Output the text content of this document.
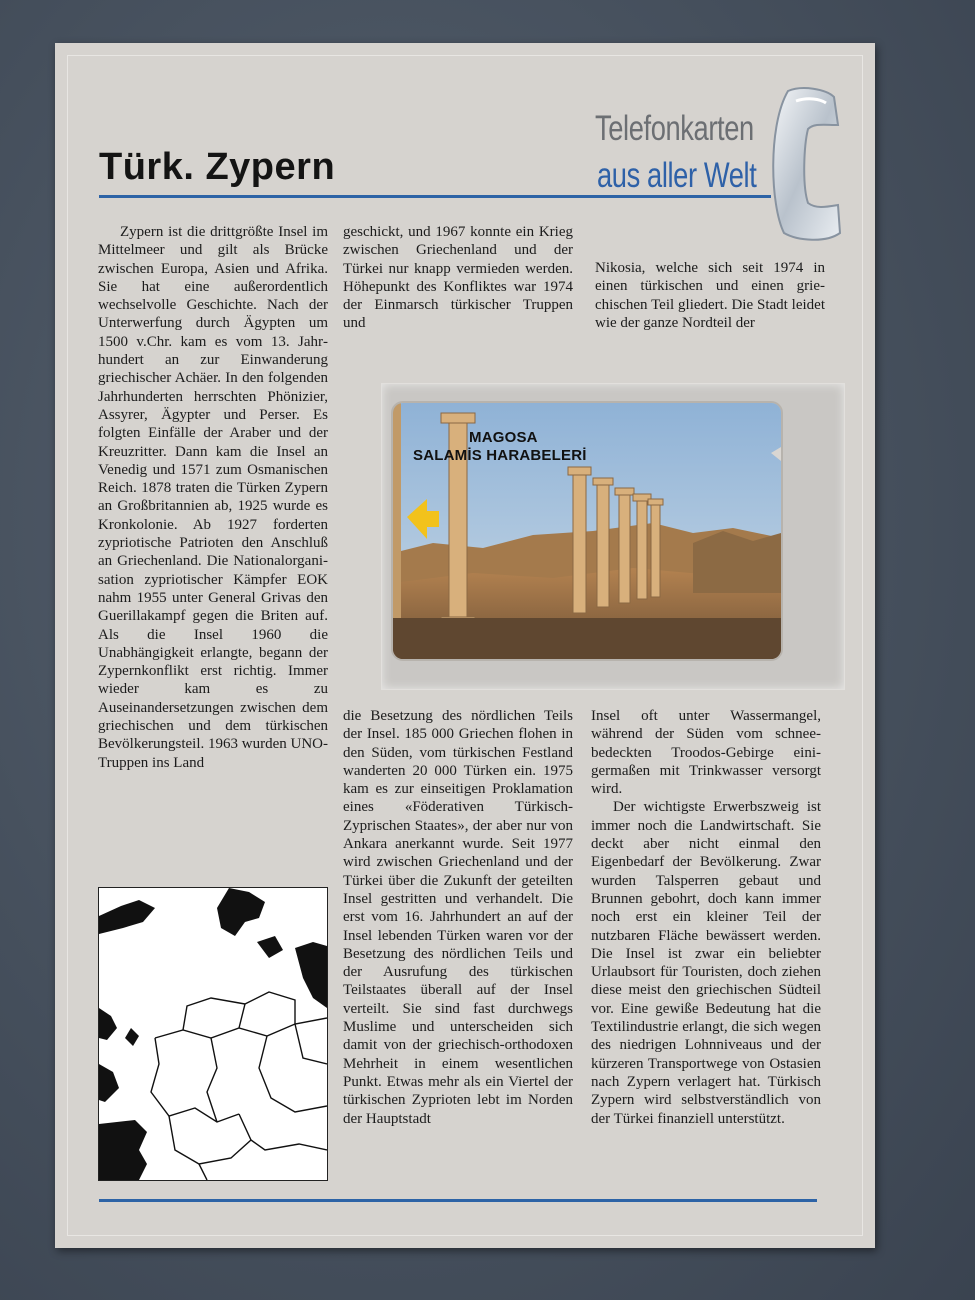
Türk. Zypern
Telefonkarten
aus aller Welt

Zypern ist die drittgrößte Insel im Mittelmeer und gilt als Brücke zwischen Europa, Asien und Afrika. Sie hat eine außerordentlich wechselvolle Geschichte. Nach der Unterwerfung durch Ägypten um 1500 v.Chr. kam es vom 13. Jahrhundert an zur Einwanderung griechischer Achäer. In den folgenden Jahrhunderten herrschten Phönizier, Assyrer, Ägypter und Perser. Es folgten Einfälle der Araber und der Kreuzritter. Dann kam die Insel an Venedig und 1571 zum Osmanischen Reich. 1878 traten die Türken Zypern an Großbritannien ab, 1925 wurde es Kronkolonie. Ab 1927 forderten zypriotische Patrioten den Anschluß an Griechenland. Die Nationalorganisation zypriotischer Kämpfer EOK nahm 1955 unter General Grivas den Guerillakampf gegen die Briten auf. Als die Insel 1960 die Unabhängigkeit erlangte, begann der Zypernkonflikt erst richtig. Immer wieder kam es zu Auseinandersetzungen zwischen dem griechischen und dem türkischen Bevölkerungsteil. 1963 wurden UNO-Truppen ins Land

geschickt, und 1967 konnte ein Krieg zwischen Griechenland und der Türkei nur knapp vermieden werden. Höhepunkt des Konfliktes war 1974 der Einmarsch türkischer Truppen und

Nikosia, welche sich seit 1974 in einen türkischen und einen griechischen Teil gliedert. Die Stadt leidet wie der ganze Nordteil der

MAGOSA
SALAMİS HARABELERİ

die Besetzung des nördlichen Teils der Insel. 185 000 Griechen flohen in den Süden, vom türkischen Festland wanderten 20 000 Türken ein. 1975 kam es zur einseitigen Proklamation eines «Föderativen Türkisch-Zyprischen Staates», der aber nur von Ankara anerkannt wurde. Seit 1977 wird zwischen Griechenland und der Türkei über die Zukunft der geteilten Insel gestritten und verhandelt. Die erst vom 16. Jahrhundert an auf der Insel lebenden Türken waren vor der Besetzung des nördlichen Teils und der Ausrufung des türkischen Teilstaates überall auf der Insel verteilt. Sie sind fast durchwegs Muslime und unterscheiden sich damit von der griechisch-orthodoxen Mehrheit in einem wesentlichen Punkt. Etwas mehr als ein Viertel der türkischen Zyprioten lebt im Norden der Hauptstadt

Insel oft unter Wassermangel, während der Süden vom schneebedeckten Troodos-Gebirge einigermaßen mit Trinkwasser versorgt wird.

Der wichtigste Erwerbszweig ist immer noch die Landwirtschaft. Sie deckt aber nicht einmal den Eigenbedarf der Bevölkerung. Zwar wurden Talsperren gebaut und Brunnen gebohrt, doch kann immer noch erst ein kleiner Teil der nutzbaren Fläche bewässert werden. Die Insel ist zwar ein beliebter Urlaubsort für Touristen, doch ziehen diese meist den griechischen Südteil vor. Eine gewiße Bedeutung hat die Textilindustrie erlangt, die sich wegen des niedrigen Lohnniveaus und der kürzeren Transportwege von Ostasien nach Zypern verlagert hat. Türkisch Zypern wird selbstverständlich von der Türkei finanziell unterstützt.
